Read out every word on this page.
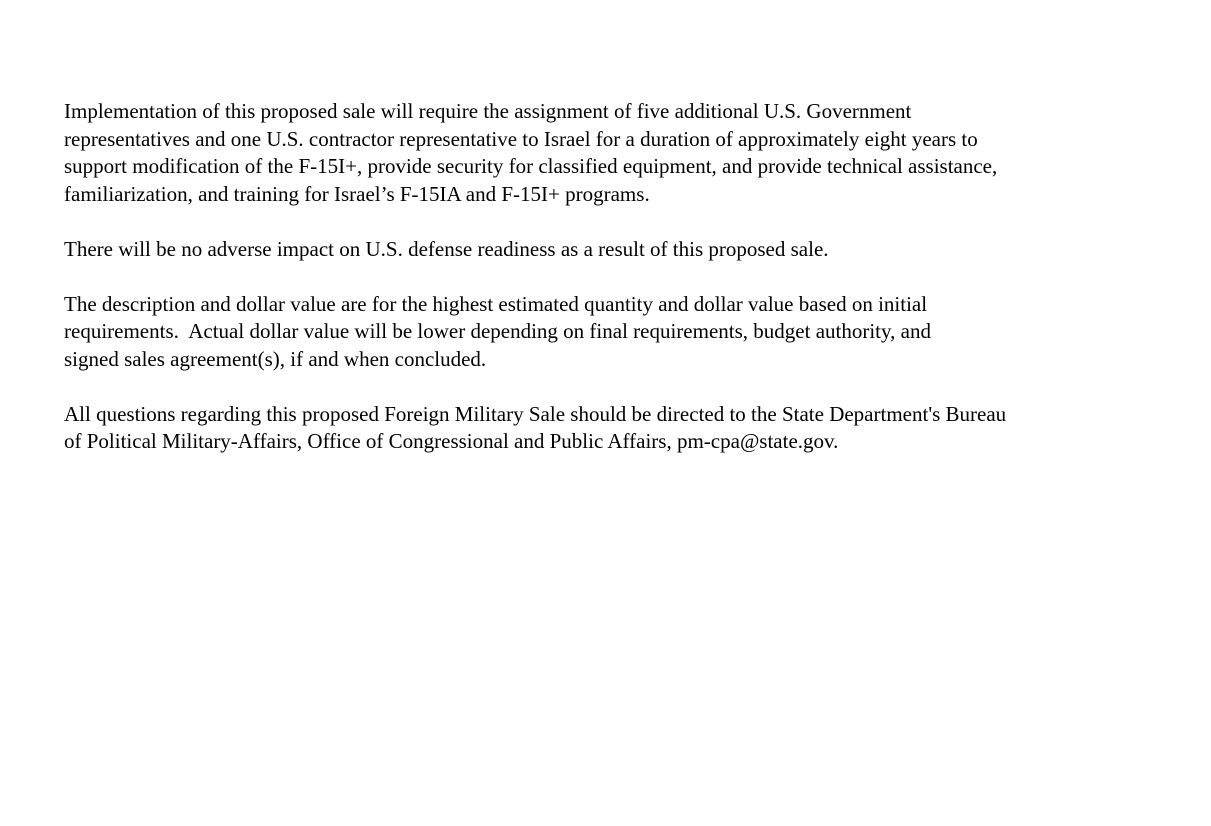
Implementation of this proposed sale will require the assignment of five additional U.S. Government
representatives and one U.S. contractor representative to Israel for a duration of approximately eight years to
support modification of the F-15I+, provide security for classified equipment, and provide technical assistance,
familiarization, and training for Israel’s F-15IA and F-15I+ programs.
There will be no adverse impact on U.S. defense readiness as a result of this proposed sale.
The description and dollar value are for the highest estimated quantity and dollar value based on initial
requirements.  Actual dollar value will be lower depending on final requirements, budget authority, and
signed sales agreement(s), if and when concluded.
All questions regarding this proposed Foreign Military Sale should be directed to the State Department's Bureau
of Political Military-Affairs, Office of Congressional and Public Affairs, pm-cpa@state.gov.
